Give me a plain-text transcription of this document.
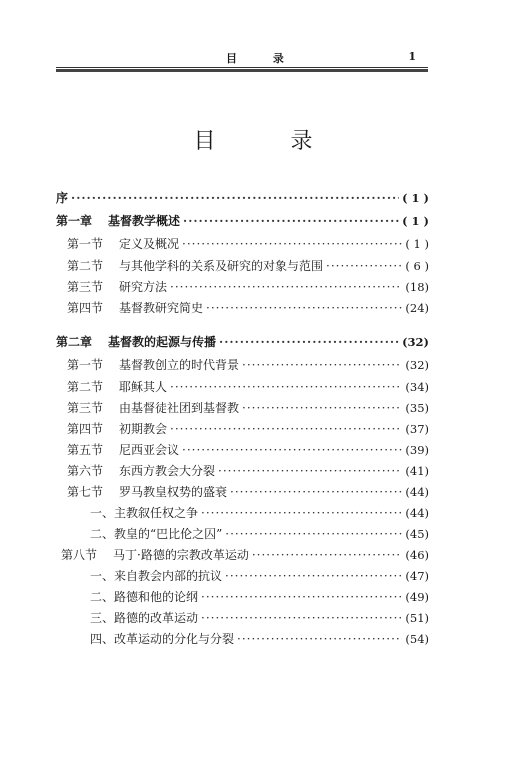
目 录	1
目 录
序 ·····	( 1 )
第一章	基督教学概述 ·····	( 1 )
第一节	定义及概况 ·····	( 1 )
第二节	与其他学科的关系及研究的对象与范围 ·····	( 6 )
第三节	研究方法 ·····	(18)
第四节	基督教研究简史 ·····	(24)
第二章	基督教的起源与传播 ·····	(32)
第一节	基督教创立的时代背景 ·····	(32)
第二节	耶稣其人 ·····	(34)
第三节	由基督徒社团到基督教 ·····	(35)
第四节	初期教会 ·····	(37)
第五节	尼西亚会议 ·····	(39)
第六节	东西方教会大分裂 ·····	(41)
第七节	罗马教皇权势的盛衰 ·····	(44)
一、主教叙任权之争 ·····	(44)
二、教皇的“巴比伦之囚” ·····	(45)
第八节	马丁·路德的宗教改革运动 ·····	(46)
一、来自教会内部的抗议 ·····	(47)
二、路德和他的论纲 ·····	(49)
三、路德的改革运动 ·····	(51)
四、改革运动的分化与分裂 ·····	(54)
